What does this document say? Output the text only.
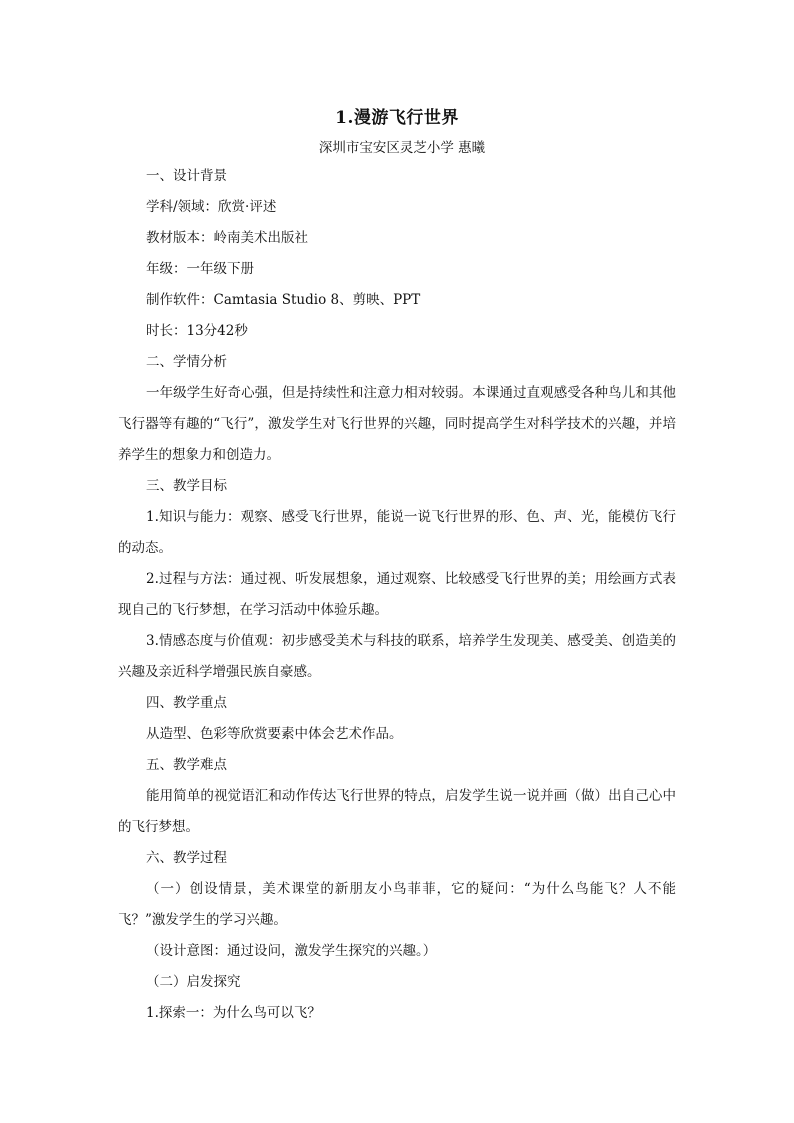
1.漫游飞行世界
深圳市宝安区灵芝小学 惠曦

一、设计背景

学科/领域：欣赏·评述

教材版本：岭南美术出版社

年级：一年级下册

制作软件：Camtasia Studio 8、剪映、PPT

时长：13分42秒

二、学情分析

一年级学生好奇心强，但是持续性和注意力相对较弱。本课通过直观感受各种鸟儿和其他飞行器等有趣的“飞行”，激发学生对飞行世界的兴趣，同时提高学生对科学技术的兴趣，并培养学生的想象力和创造力。

三、教学目标

1.知识与能力：观察、感受飞行世界，能说一说飞行世界的形、色、声、光，能模仿飞行的动态。

2.过程与方法：通过视、听发展想象，通过观察、比较感受飞行世界的美；用绘画方式表现自己的飞行梦想，在学习活动中体验乐趣。

3.情感态度与价值观：初步感受美术与科技的联系，培养学生发现美、感受美、创造美的兴趣及亲近科学增强民族自豪感。

四、教学重点

从造型、色彩等欣赏要素中体会艺术作品。

五、教学难点

能用简单的视觉语汇和动作传达飞行世界的特点，启发学生说一说并画（做）出自己心中的飞行梦想。

六、教学过程

（一）创设情景，美术课堂的新朋友小鸟菲菲，它的疑问：“为什么鸟能飞？人不能飞？”激发学生的学习兴趣。

（设计意图：通过设问，激发学生探究的兴趣。）

（二）启发探究

1.探索一：为什么鸟可以飞？
